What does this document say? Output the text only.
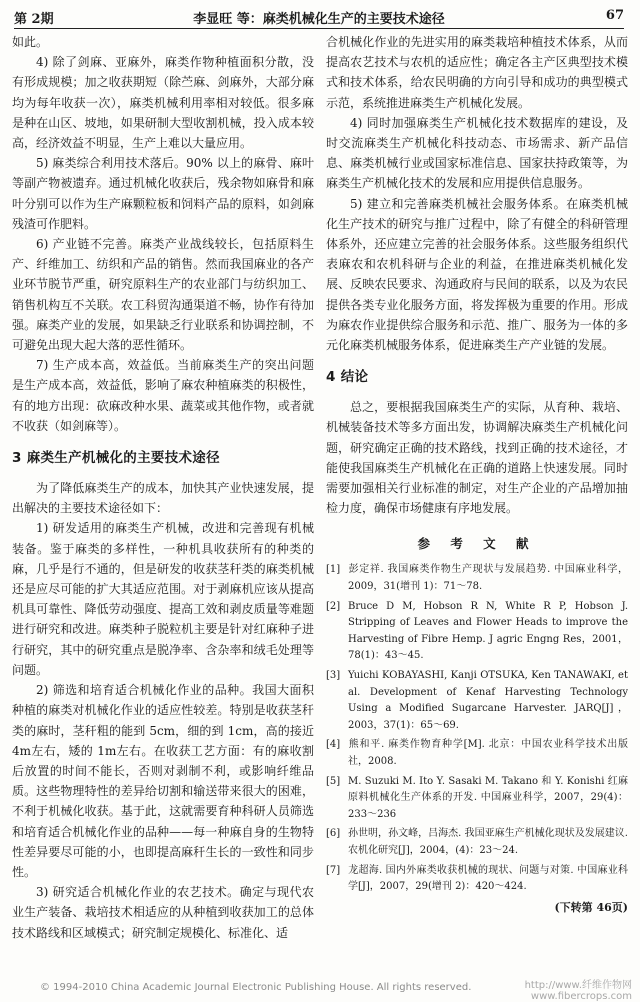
第 2期	李显旺 等：麻类机械化生产的主要技术途径	67

如此。

4) 除了剑麻、亚麻外，麻类作物种植面积分散，没有形成规模；加之收获期短（除苎麻、剑麻外，大部分麻均为每年收获一次），麻类机械利用率相对较低。很多麻是种在山区、坡地，如果研制大型收割机械，投入成本较高，经济效益不明显，生产上难以大量应用。

5) 麻类综合利用技术落后。90% 以上的麻骨、麻叶等副产物被遗弃。通过机械化收获后，残余物如麻骨和麻叶分别可以作为生产麻颗粒板和饲料产品的原料，如剑麻残渣可作肥料。

6) 产业链不完善。麻类产业战线较长，包括原料生产、纤维加工、纺织和产品的销售。然而我国麻业的各产业环节脱节严重，研究原料生产的农业部门与纺织加工、销售机构互不关联。农工科贸沟通渠道不畅，协作有待加强。麻类产业的发展，如果缺乏行业联系和协调控制，不可避免出现大起大落的恶性循环。

7) 生产成本高，效益低。当前麻类生产的突出问题是生产成本高，效益低，影响了麻农种植麻类的积极性，有的地方出现：砍麻改种水果、蔬菜或其他作物，或者就不收获（如剑麻等）。

3 麻类生产机械化的主要技术途径

为了降低麻类生产的成本，加快其产业快速发展，提出解决的主要技术途径如下：

1) 研发适用的麻类生产机械，改进和完善现有机械装备。鉴于麻类的多样性，一种机具收获所有的种类的麻，几乎是行不通的，但是研发的收获茎秆类的麻类机械还是应尽可能的扩大其适应范围。对于剥麻机应该从提高机具可靠性、降低劳动强度、提高工效和剥皮质量等难题进行研究和改进。麻类种子脱粒机主要是针对红麻种子进行研究，其中的研究重点是脱净率、含杂率和绒毛处理等问题。

2) 筛选和培育适合机械化作业的品种。我国大面积种植的麻类对机械化作业的适应性较差。特别是收获茎秆类的麻时，茎秆粗的能到 5cm，细的到 1cm，高的接近 4m左右，矮的 1m左右。在收获工艺方面：有的麻收割后放置的时间不能长，否则对剥制不利，或影响纤维品质。这些物理特性的差异给切割和输送带来很大的困难，不利于机械化收获。基于此，这就需要育种科研人员筛选和培育适合机械化作业的品种——每一种麻自身的生物特性差异要尽可能的小，也即提高麻秆生长的一致性和同步性。

3) 研究适合机械化作业的农艺技术。确定与现代农业生产装备、栽培技术相适应的从种植到收获加工的总体技术路线和区域模式；研究制定规模化、标准化、适

合机械化作业的先进实用的麻类栽培种植技术体系，从而提高农艺技术与农机的适应性；确定各主产区典型技术模式和技术体系，给农民明确的方向引导和成功的典型模式示范，系统推进麻类生产机械化发展。

4) 同时加强麻类生产机械化技术数据库的建设，及时交流麻类生产机械化科技动态、市场需求、新产品信息、麻类机械行业或国家标准信息、国家扶持政策等，为麻类生产机械化技术的发展和应用提供信息服务。

5) 建立和完善麻类机械社会服务体系。在麻类机械化生产技术的研究与推广过程中，除了有健全的科研管理体系外，还应建立完善的社会服务体系。这些服务组织代表麻农和农机科研与企业的利益，在推进麻类机械化发展、反映农民要求、沟通政府与民间的联系，以及为农民提供各类专业化服务方面，将发挥极为重要的作用。形成为麻农作业提供综合服务和示范、推广、服务为一体的多元化麻类机械服务体系，促进麻类生产产业链的发展。

4 结论

总之，要根据我国麻类生产的实际，从育种、栽培、机械装备技术等多方面出发，协调解决麻类生产机械化问题，研究确定正确的技术路线，找到正确的技术途径，才能使我国麻类生产机械化在正确的道路上快速发展。同时需要加强相关行业标准的制定，对生产企业的产品增加抽检力度，确保市场健康有序地发展。

参 考 文 献
[1] 彭定祥. 我国麻类作物生产现状与发展趋势. 中国麻业科学，2009，31(增刊 1)：71～78.
[2] Bruce D M, Hobson R N, White R P, Hobson J. Stripping of Leaves and Flower Heads to improve the Harvesting of Fibre Hemp. J agric Engng Res，2001，78(1)：43～45.
[3] Yuichi KOBAYASHI, Kanji OTSUKA, Ken TANAWAKI, et al. Development of Kenaf Harvesting Technology Using a Modified Sugarcane Harvester. JARQ[J]，2003，37(1)：65～69.
[4] 熊和平. 麻类作物育种学[M]. 北京：中国农业科学技术出版社，2008.
[5] M. Suzuki M. Ito Y. Sasaki M. Takano 和 Y. Konishi 红麻原料机械化生产体系的开发. 中国麻业科学，2007，29(4)：233～236
[6] 孙世明，孙文峰，吕海杰. 我国亚麻生产机械化现状及发展建议. 农机化研究[J]，2004，(4)：23～24.
[7] 龙超海. 国内外麻类收获机械的现状、问题与对策. 中国麻业科学[J]，2007，29(增刊 2)：420～424.
(下转第 46页)
© 1994-2010 China Academic Journal Electronic Publishing House. All rights reserved.	http://www.纤维作物网
www.fibercrops.com
